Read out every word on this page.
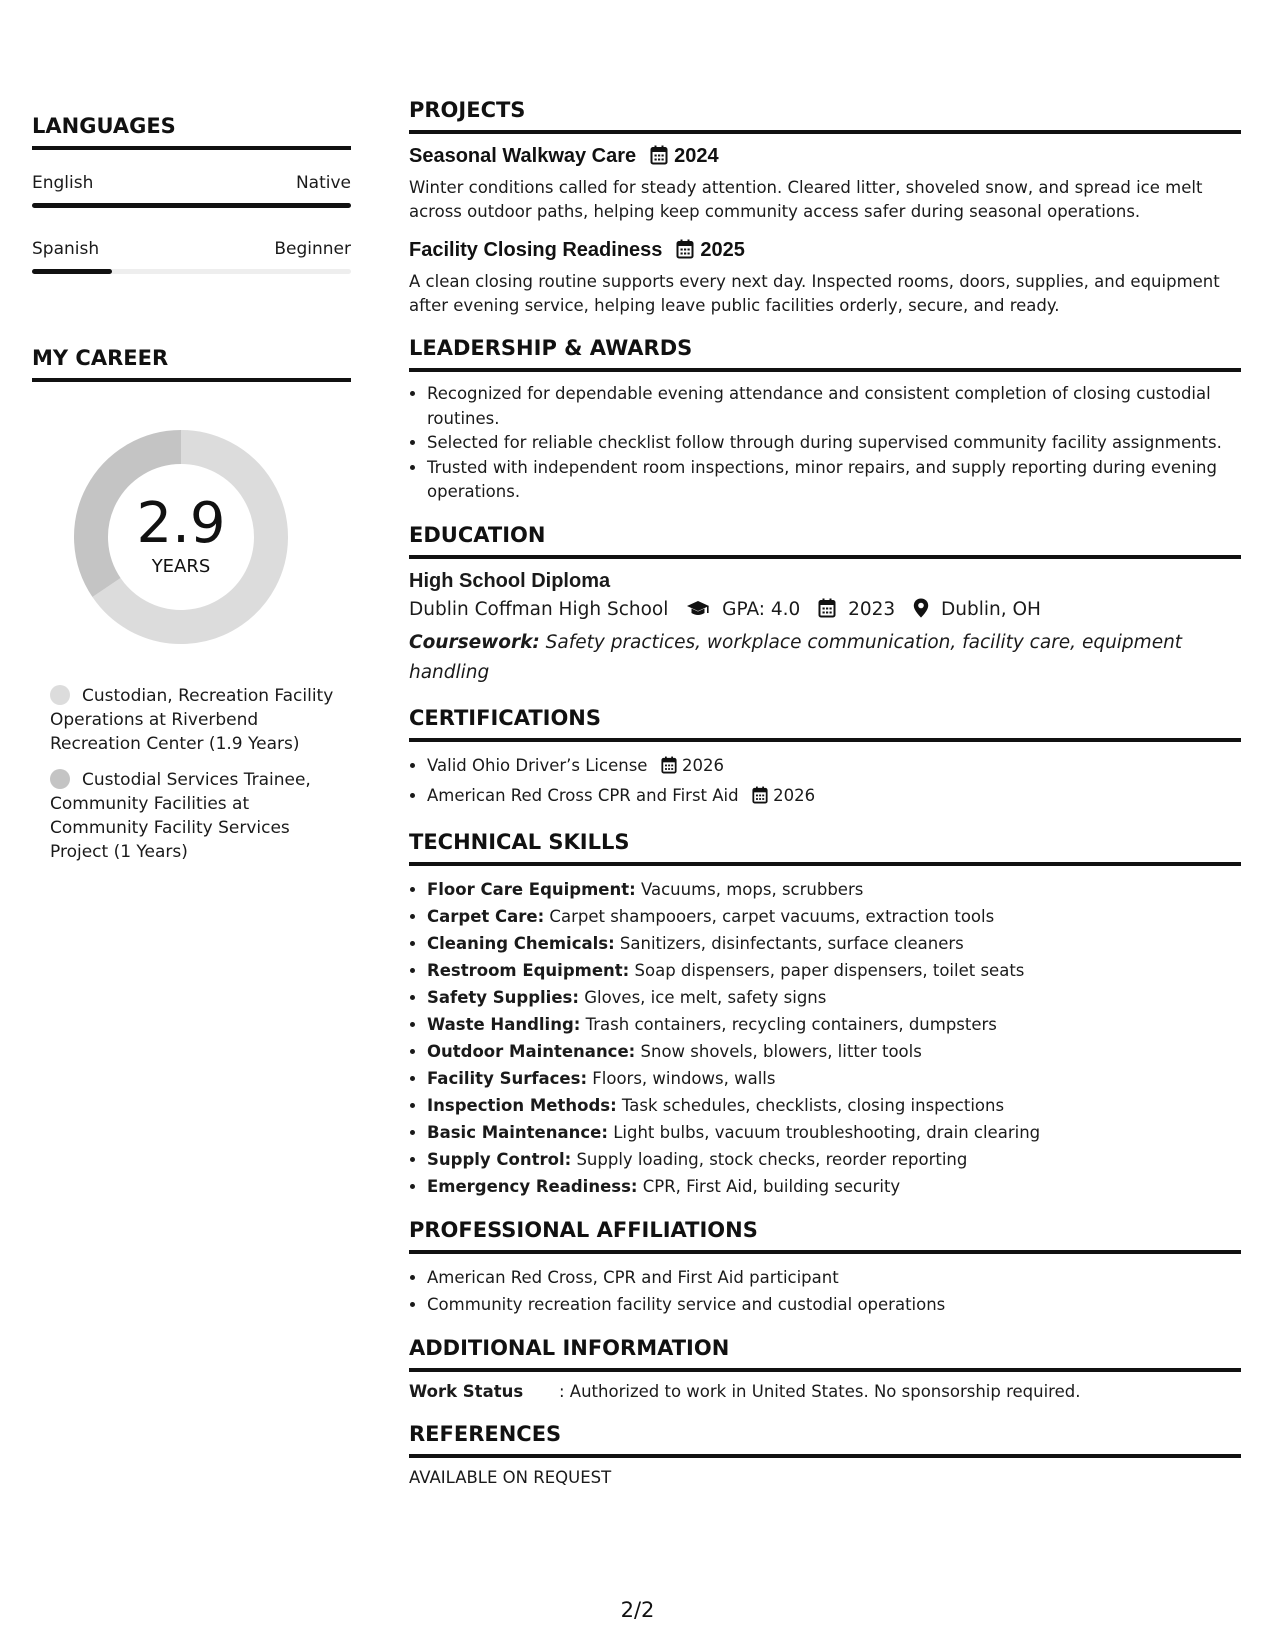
LANGUAGES
English	Native
Spanish	Beginner
MY CAREER
2.9
YEARS
Custodian, Recreation Facility Operations at Riverbend Recreation Center (1.9 Years)
Custodial Services Trainee, Community Facilities at Community Facility Services Project (1 Years)
PROJECTS
Seasonal Walkway Care 2024
Winter conditions called for steady attention. Cleared litter, shoveled snow, and spread ice melt across outdoor paths, helping keep community access safer during seasonal operations.
Facility Closing Readiness 2025
A clean closing routine supports every next day. Inspected rooms, doors, supplies, and equipment after evening service, helping leave public facilities orderly, secure, and ready.
LEADERSHIP & AWARDS
• Recognized for dependable evening attendance and consistent completion of closing custodial routines.
• Selected for reliable checklist follow through during supervised community facility assignments.
• Trusted with independent room inspections, minor repairs, and supply reporting during evening operations.
EDUCATION
High School Diploma
Dublin Coffman High School	GPA: 4.0	2023 Dublin, OH
Coursework: Safety practices, workplace communication, facility care, equipment handling
CERTIFICATIONS
• Valid Ohio Driver’s License 2026
• American Red Cross CPR and First Aid 2026
TECHNICAL SKILLS
• Floor Care Equipment: Vacuums, mops, scrubbers
• Carpet Care: Carpet shampooers, carpet vacuums, extraction tools
• Cleaning Chemicals: Sanitizers, disinfectants, surface cleaners
• Restroom Equipment: Soap dispensers, paper dispensers, toilet seats
• Safety Supplies: Gloves, ice melt, safety signs
• Waste Handling: Trash containers, recycling containers, dumpsters
• Outdoor Maintenance: Snow shovels, blowers, litter tools
• Facility Surfaces: Floors, windows, walls
• Inspection Methods: Task schedules, checklists, closing inspections
• Basic Maintenance: Light bulbs, vacuum troubleshooting, drain clearing
• Supply Control: Supply loading, stock checks, reorder reporting
• Emergency Readiness: CPR, First Aid, building security
PROFESSIONAL AFFILIATIONS
• American Red Cross, CPR and First Aid participant
• Community recreation facility service and custodial operations
ADDITIONAL INFORMATION
Work Status : Authorized to work in United States. No sponsorship required.
REFERENCES
AVAILABLE ON REQUEST
2/2
